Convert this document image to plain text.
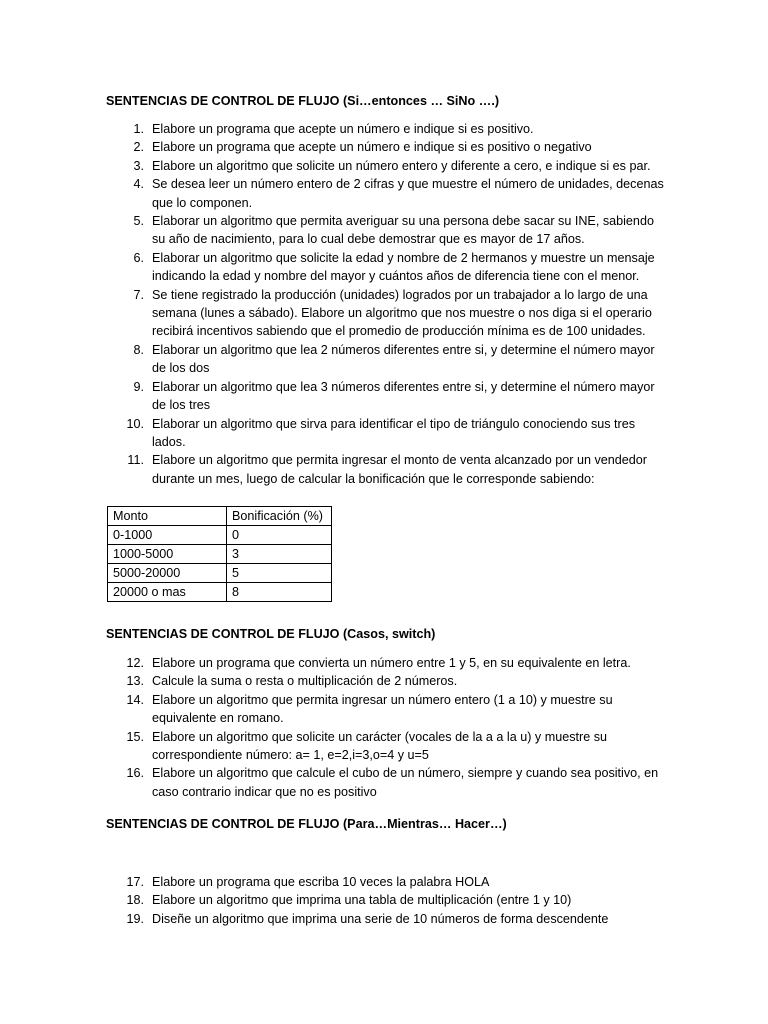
SENTENCIAS DE CONTROL DE FLUJO (Si…entonces … SiNo ….)
1. Elabore un programa que acepte un número e indique si es positivo.
2. Elabore un programa que acepte un número e indique si es positivo o negativo
3. Elabore un algoritmo que solicite un número entero y diferente a cero, e indique si es par.
4. Se desea leer un número entero de 2 cifras y que muestre el número de unidades, decenas que lo componen.
5. Elaborar un algoritmo que permita averiguar su una persona debe sacar su INE, sabiendo su año de nacimiento, para lo cual debe demostrar que es mayor de 17 años.
6. Elaborar un algoritmo que solicite la edad y nombre de 2 hermanos y muestre un mensaje indicando la edad y nombre del mayor y cuántos años de diferencia tiene con el menor.
7. Se tiene registrado la producción (unidades) logrados por un trabajador a lo largo de una semana (lunes a sábado). Elabore un algoritmo que nos muestre o nos diga si el operario recibirá incentivos sabiendo que el promedio de producción mínima es de 100 unidades.
8. Elaborar un algoritmo que lea 2 números diferentes entre si, y determine el número mayor de los dos
9. Elaborar un algoritmo que lea 3 números diferentes entre si, y determine el número mayor de los tres
10. Elaborar un algoritmo que sirva para identificar el tipo de triángulo conociendo sus tres lados.
11. Elabore un algoritmo que permita ingresar el monto de venta alcanzado por un vendedor durante un mes, luego de calcular la bonificación que le corresponde sabiendo:
Monto	Bonificación (%)
0-1000	0
1000-5000	3
5000-20000	5
20000 o mas	8
SENTENCIAS DE CONTROL DE FLUJO (Casos, switch)
12. Elabore un programa que convierta un número entre 1 y 5, en su equivalente en letra.
13. Calcule la suma o resta o multiplicación de 2 números.
14. Elabore un algoritmo que permita ingresar un número entero (1 a 10) y muestre su equivalente en romano.
15. Elabore un algoritmo que solicite un carácter (vocales de la a a la u) y muestre su correspondiente número: a= 1, e=2,i=3,o=4 y u=5
16. Elabore un algoritmo que calcule el cubo de un número, siempre y cuando sea positivo, en caso contrario indicar que no es positivo
SENTENCIAS DE CONTROL DE FLUJO (Para…Mientras… Hacer…)
17. Elabore un programa que escriba 10 veces la palabra HOLA
18. Elabore un algoritmo que imprima una tabla de multiplicación (entre 1 y 10)
19. Diseñe un algoritmo que imprima una serie de 10 números de forma descendente
